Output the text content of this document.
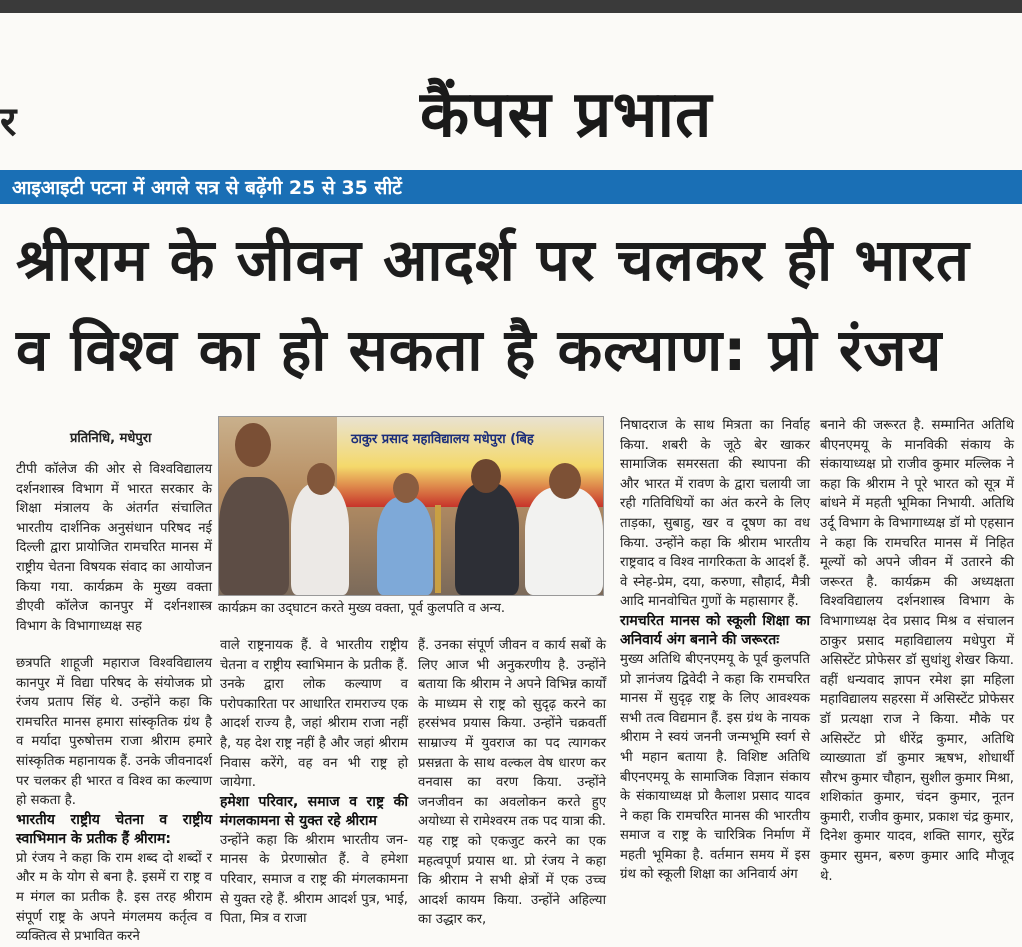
र	कैंपस प्रभात
आइआइटी पटना में अगले सत्र से बढ़ेंगी 25 से 35 सीटें
श्रीराम के जीवन आदर्श पर चलकर ही भारत
व विश्व का हो सकता है कल्याण: प्रो रंजय
प्रतिनिधि, मधेपुरा

टीपी कॉलेज की ओर से विश्वविद्यालय दर्शनशास्त्र विभाग में भारत सरकार के शिक्षा मंत्रालय के अंतर्गत संचालित भारतीय दार्शनिक अनुसंधान परिषद नई दिल्ली द्वारा प्रायोजित रामचरित मानस में राष्ट्रीय चेतना विषयक संवाद का आयोजन किया गया. कार्यक्रम के मुख्य वक्ता डीएवी कॉलेज कानपुर में दर्शनशास्त्र विभाग के विभागाध्यक्ष सह

ठाकुर प्रसाद महाविद्यालय मधेपुरा (बिह
कार्यक्रम का उद्‌घाटन करते मुख्य वक्ता, पूर्व कुलपति व अन्य.

छत्रपति शाहूजी महाराज विश्वविद्यालय कानपुर में विद्या परिषद के संयोजक प्रो रंजय प्रताप सिंह थे. उन्होंने कहा कि रामचरित मानस हमारा सांस्कृतिक ग्रंथ है व मर्यादा पुरुषोत्तम राजा श्रीराम हमारे सांस्कृतिक महानायक हैं. उनके जीवनादर्श पर चलकर ही भारत व विश्व का कल्याण हो सकता है.

भारतीय राष्ट्रीय चेतना व राष्ट्रीय स्वाभिमान के प्रतीक हैं श्रीराम:

प्रो रंजय ने कहा कि राम शब्द दो शब्दों र और म के योग से बना है. इसमें रा राष्ट्र व म मंगल का प्रतीक है. इस तरह श्रीराम संपूर्ण राष्ट्र के अपने मंगलमय कर्तृत्व व व्यक्तित्व से प्रभावित करने

वाले राष्ट्रनायक हैं. वे भारतीय राष्ट्रीय चेतना व राष्ट्रीय स्वाभिमान के प्रतीक हैं. उनके द्वारा लोक कल्याण व परोपकारिता पर आधारित रामराज्य एक आदर्श राज्य है, जहां श्रीराम राजा नहीं है, यह देश राष्ट्र नहीं है और जहां श्रीराम निवास करेंगे, वह वन भी राष्ट्र हो जायेगा.

हमेशा परिवार, समाज व राष्ट्र की मंगलकामना से युक्त रहे श्रीराम

उन्होंने कहा कि श्रीराम भारतीय जन-मानस के प्रेरणास्रोत हैं. वे हमेशा परिवार, समाज व राष्ट्र की मंगलकामना से युक्त रहे हैं. श्रीराम आदर्श पुत्र, भाई, पिता, मित्र व राजा

हैं. उनका संपूर्ण जीवन व कार्य सबों के लिए आज भी अनुकरणीय है. उन्होंने बताया कि श्रीराम ने अपने विभिन्न कार्यों के माध्यम से राष्ट्र को सुदृढ़ करने का हरसंभव प्रयास किया. उन्होंने चक्रवर्ती साम्राज्य में युवराज का पद त्यागकर प्रसन्नता के साथ वल्कल वेष धारण कर वनवास का वरण किया. उन्होंने जनजीवन का अवलोकन करते हुए अयोध्या से रामेश्वरम तक पद यात्रा की. यह राष्ट्र को एकजुट करने का एक महत्वपूर्ण प्रयास था. प्रो रंजय ने कहा कि श्रीराम ने सभी क्षेत्रों में एक उच्च आदर्श कायम किया. उन्होंने अहिल्या का उद्धार कर,

निषादराज के साथ मित्रता का निर्वाह किया. शबरी के जूठे बेर खाकर सामाजिक समरसता की स्थापना की और भारत में रावण के द्वारा चलायी जा रही गतिविधियों का अंत करने के लिए ताड़का, सुबाहु, खर व दूषण का वध किया. उन्होंने कहा कि श्रीराम भारतीय राष्ट्रवाद व विश्व नागरिकता के आदर्श हैं. वे स्नेह-प्रेम, दया, करुणा, सौहार्द, मैत्री आदि मानवोचित गुणों के महासागर हैं.

रामचरित मानस को स्कूली शिक्षा का अनिवार्य अंग बनाने की जरूरतः

मुख्य अतिथि बीएनएमयू के पूर्व कुलपति प्रो ज्ञानंजय द्विवेदी ने कहा कि रामचरित मानस में सुदृढ़ राष्ट्र के लिए आवश्यक सभी तत्व विद्यमान हैं. इस ग्रंथ के नायक श्रीराम ने स्वयं जननी जन्मभूमि स्वर्ग से भी महान बताया है. विशिष्ट अतिथि बीएनएमयू के सामाजिक विज्ञान संकाय के संकायाध्यक्ष प्रो कैलाश प्रसाद यादव ने कहा कि रामचरित मानस की भारतीय समाज व राष्ट्र के चारित्रिक निर्माण में महती भूमिका है. वर्तमान समय में इस ग्रंथ को स्कूली शिक्षा का अनिवार्य अंग

बनाने की जरूरत है. सम्मानित अतिथि बीएनएमयू के मानविकी संकाय के संकायाध्यक्ष प्रो राजीव कुमार मल्लिक ने कहा कि श्रीराम ने पूरे भारत को सूत्र में बांधने में महती भूमिका निभायी. अतिथि उर्दू विभाग के विभागाध्यक्ष डॉ मो एहसान ने कहा कि रामचरित मानस में निहित मूल्यों को अपने जीवन में उतारने की जरूरत है. कार्यक्रम की अध्यक्षता विश्वविद्यालय दर्शनशास्त्र विभाग के विभागाध्यक्ष देव प्रसाद मिश्र व संचालन ठाकुर प्रसाद महाविद्यालय मधेपुरा में असिस्टेंट प्रोफेसर डॉ सुधांशु शेखर किया. वहीं धन्यवाद ज्ञापन रमेश झा महिला महाविद्यालय सहरसा में असिस्टेंट प्रोफेसर डॉ प्रत्यक्षा राज ने किया. मौके पर असिस्टेंट प्रो धीरेंद्र कुमार, अतिथि व्याख्याता डॉ कुमार ऋषभ, शोधार्थी सौरभ कुमार चौहान, सुशील कुमार मिश्रा, शशिकांत कुमार, चंदन कुमार, नूतन कुमारी, राजीव कुमार, प्रकाश चंद्र कुमार, दिनेश कुमार यादव, शक्ति सागर, सुरेंद्र कुमार सुमन, बरुण कुमार आदि मौजूद थे.
